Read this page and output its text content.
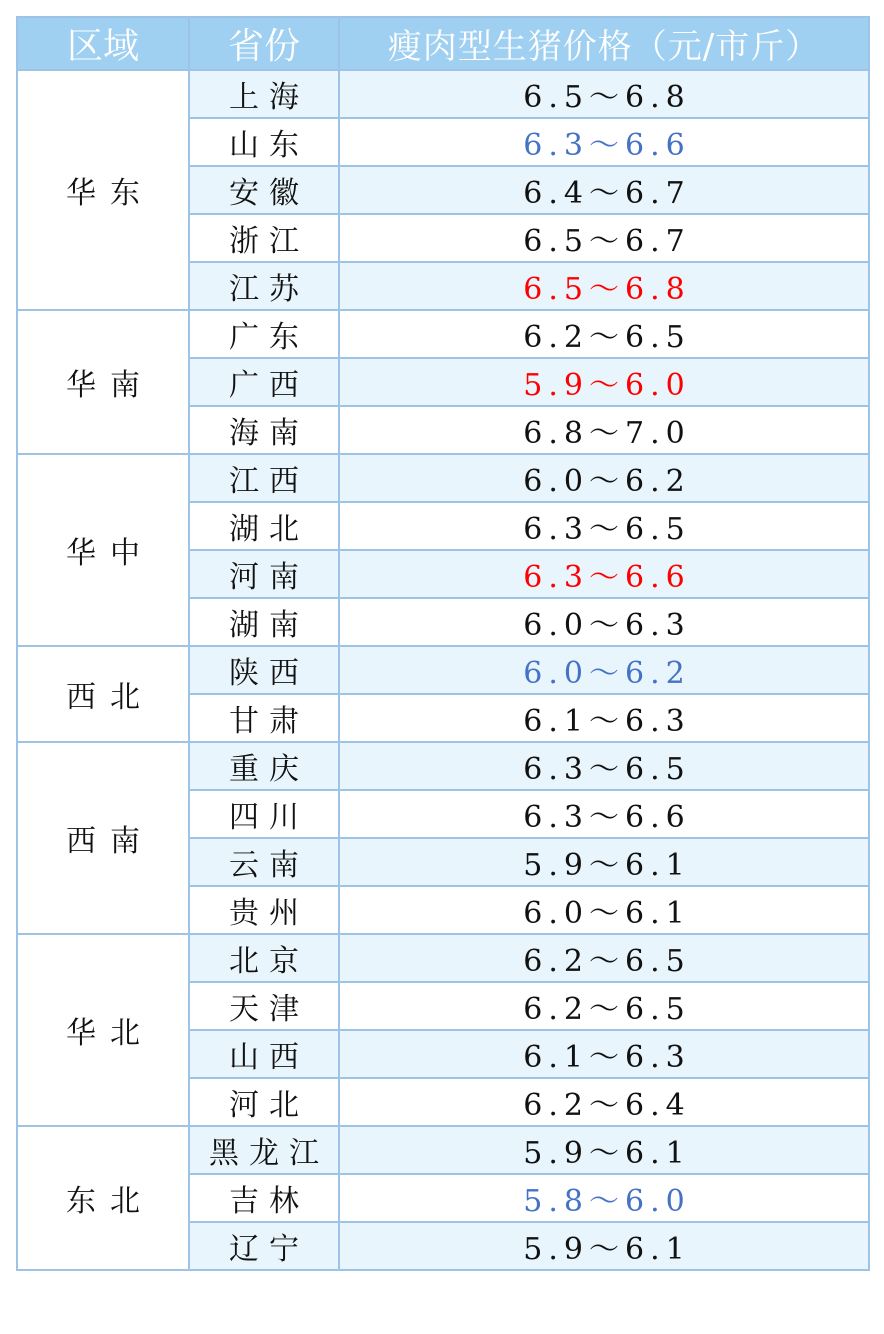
区域	省份	瘦肉型生猪价格（元/市斤）
华东	上海	6.5～6.8
	山东	6.3～6.6
	安徽	6.4～6.7
	浙江	6.5～6.7
	江苏	6.5～6.8
华南	广东	6.2～6.5
	广西	5.9～6.0
	海南	6.8～7.0
华中	江西	6.0～6.2
	湖北	6.3～6.5
	河南	6.3～6.6
	湖南	6.0～6.3
西北	陕西	6.0～6.2
	甘肃	6.1～6.3
西南	重庆	6.3～6.5
	四川	6.3～6.6
	云南	5.9～6.1
	贵州	6.0～6.1
华北	北京	6.2～6.5
	天津	6.2～6.5
	山西	6.1～6.3
	河北	6.2～6.4
东北	黑龙江	5.9～6.1
	吉林	5.8～6.0
	辽宁	5.9～6.1
